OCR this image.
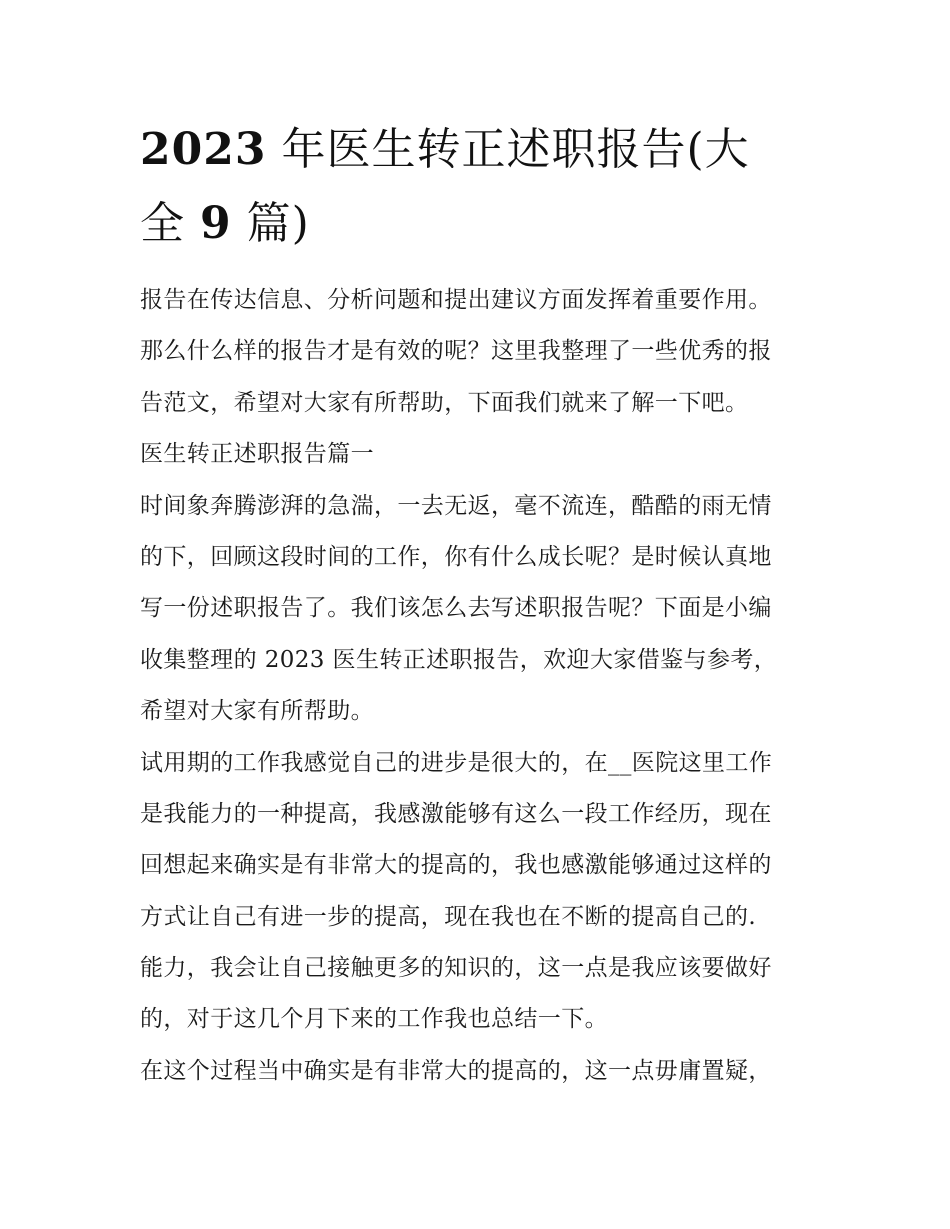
2023 年医生转正述职报告(大
全 9 篇)
报告在传达信息、分析问题和提出建议方面发挥着重要作用。
那么什么样的报告才是有效的呢？这里我整理了一些优秀的报
告范文，希望对大家有所帮助，下面我们就来了解一下吧。
医生转正述职报告篇一
时间象奔腾澎湃的急湍，一去无返，毫不流连，酷酷的雨无情
的下，回顾这段时间的工作，你有什么成长呢？是时候认真地
写一份述职报告了。我们该怎么去写述职报告呢？下面是小编
收集整理的 2023 医生转正述职报告，欢迎大家借鉴与参考，
希望对大家有所帮助。
试用期的工作我感觉自己的进步是很大的，在__医院这里工作
是我能力的一种提高，我感激能够有这么一段工作经历，现在
回想起来确实是有非常大的提高的，我也感激能够通过这样的
方式让自己有进一步的提高，现在我也在不断的提高自己的.
能力，我会让自己接触更多的知识的，这一点是我应该要做好
的，对于这几个月下来的工作我也总结一下。
在这个过程当中确实是有非常大的提高的，这一点毋庸置疑，
